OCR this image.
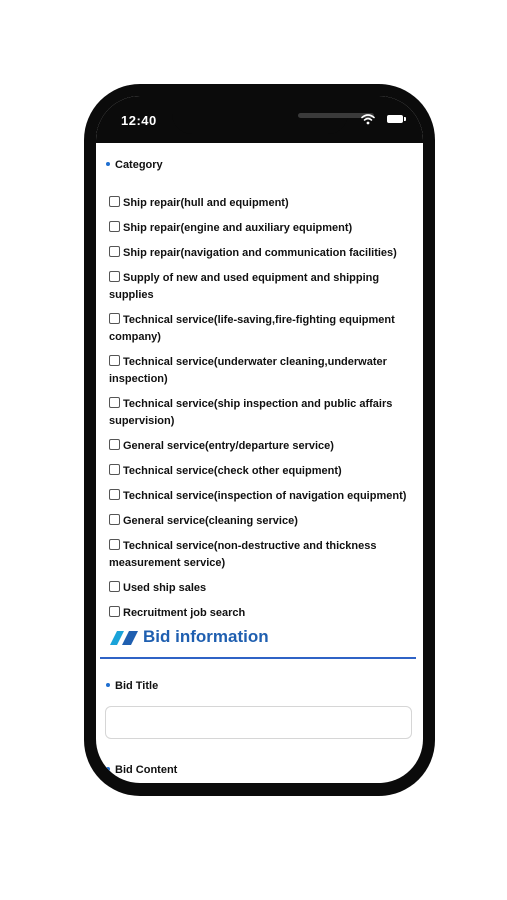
12:40
Category
Ship repair(hull and equipment)
Ship repair(engine and auxiliary equipment)
Ship repair(navigation and communication facilities)
Supply of new and used equipment and shipping supplies
Technical service(life-saving,fire-fighting equipment company)
Technical service(underwater cleaning,underwater inspection)
Technical service(ship inspection and public affairs supervision)
General service(entry/departure service)
Technical service(check other equipment)
Technical service(inspection of navigation equipment)
General service(cleaning service)
Technical service(non-destructive and thickness measurement service)
Used ship sales
Recruitment job search
Bid information
Bid Title
Bid Content
